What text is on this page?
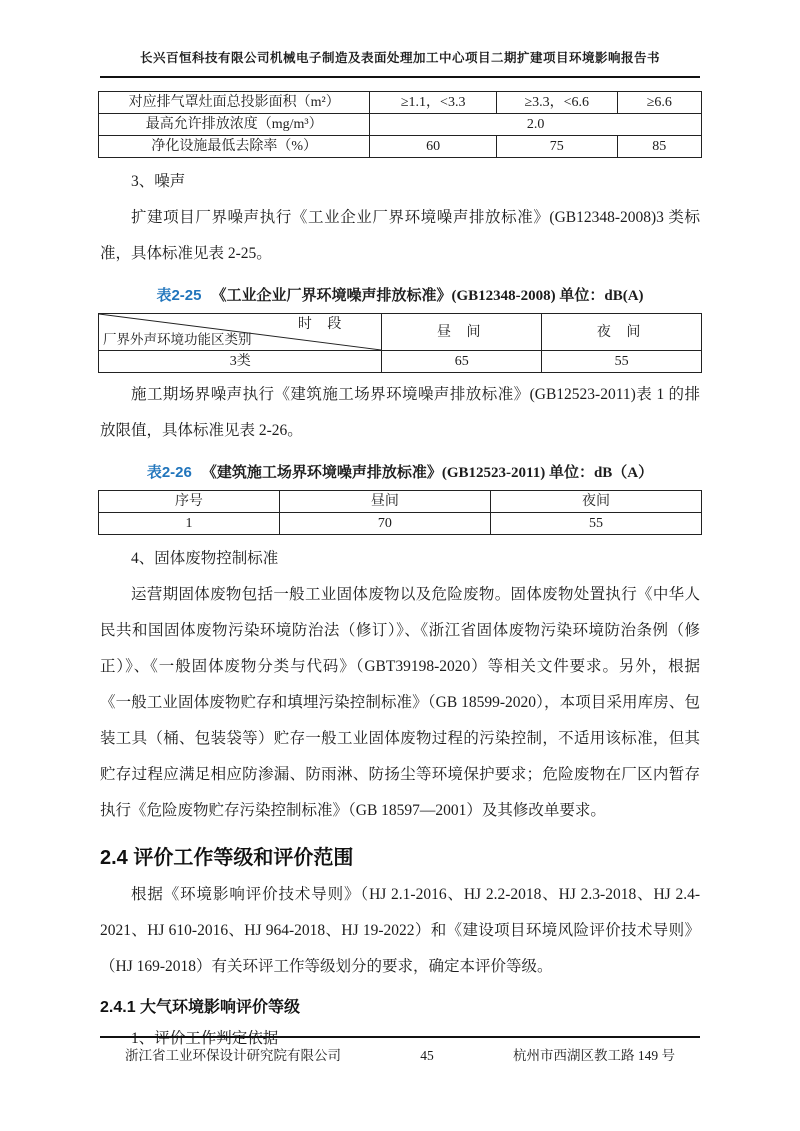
长兴百恒科技有限公司机械电子制造及表面处理加工中心项目二期扩建项目环境影响报告书
对应排气罩灶面总投影面积（m²）	≥1.1，<3.3	≥3.3，<6.6	≥6.6
最高允许排放浓度（mg/m³）	2.0		
净化设施最低去除率（%）	60	75	85
3、噪声
扩建项目厂界噪声执行《工业企业厂界环境噪声排放标准》(GB12348-2008)3 类标准，具体标准见表 2-25。
表2-25 《工业企业厂界环境噪声排放标准》(GB12348-2008) 单位：dB(A)
时 段
厂界外声环境功能区类别	昼 间	夜 间
3类	65	55
施工期场界噪声执行《建筑施工场界环境噪声排放标准》(GB12523-2011)表 1 的排放限值，具体标准见表 2-26。
表2-26 《建筑施工场界环境噪声排放标准》(GB12523-2011) 单位：dB（A）
序号	昼间	夜间
1	70	55
4、固体废物控制标准
运营期固体废物包括一般工业固体废物以及危险废物。固体废物处置执行《中华人民共和国固体废物污染环境防治法（修订）》、《浙江省固体废物污染环境防治条例（修正）》、《一般固体废物分类与代码》（GBT39198-2020）等相关文件要求。另外，根据《一般工业固体废物贮存和填埋污染控制标准》（GB 18599-2020），本项目采用库房、包装工具（桶、包装袋等）贮存一般工业固体废物过程的污染控制，不适用该标准，但其贮存过程应满足相应防渗漏、防雨淋、防扬尘等环境保护要求；危险废物在厂区内暂存执行《危险废物贮存污染控制标准》（GB 18597—2001）及其修改单要求。
2.4 评价工作等级和评价范围
根据《环境影响评价技术导则》（HJ 2.1-2016、HJ 2.2-2018、HJ 2.3-2018、HJ 2.4-2021、HJ 610-2016、HJ 964-2018、HJ 19-2022）和《建设项目环境风险评价技术导则》（HJ 169-2018）有关环评工作等级划分的要求，确定本评价等级。
2.4.1 大气环境影响评价等级
1、评价工作判定依据
浙江省工业环保设计研究院有限公司	45	杭州市西湖区教工路 149 号
